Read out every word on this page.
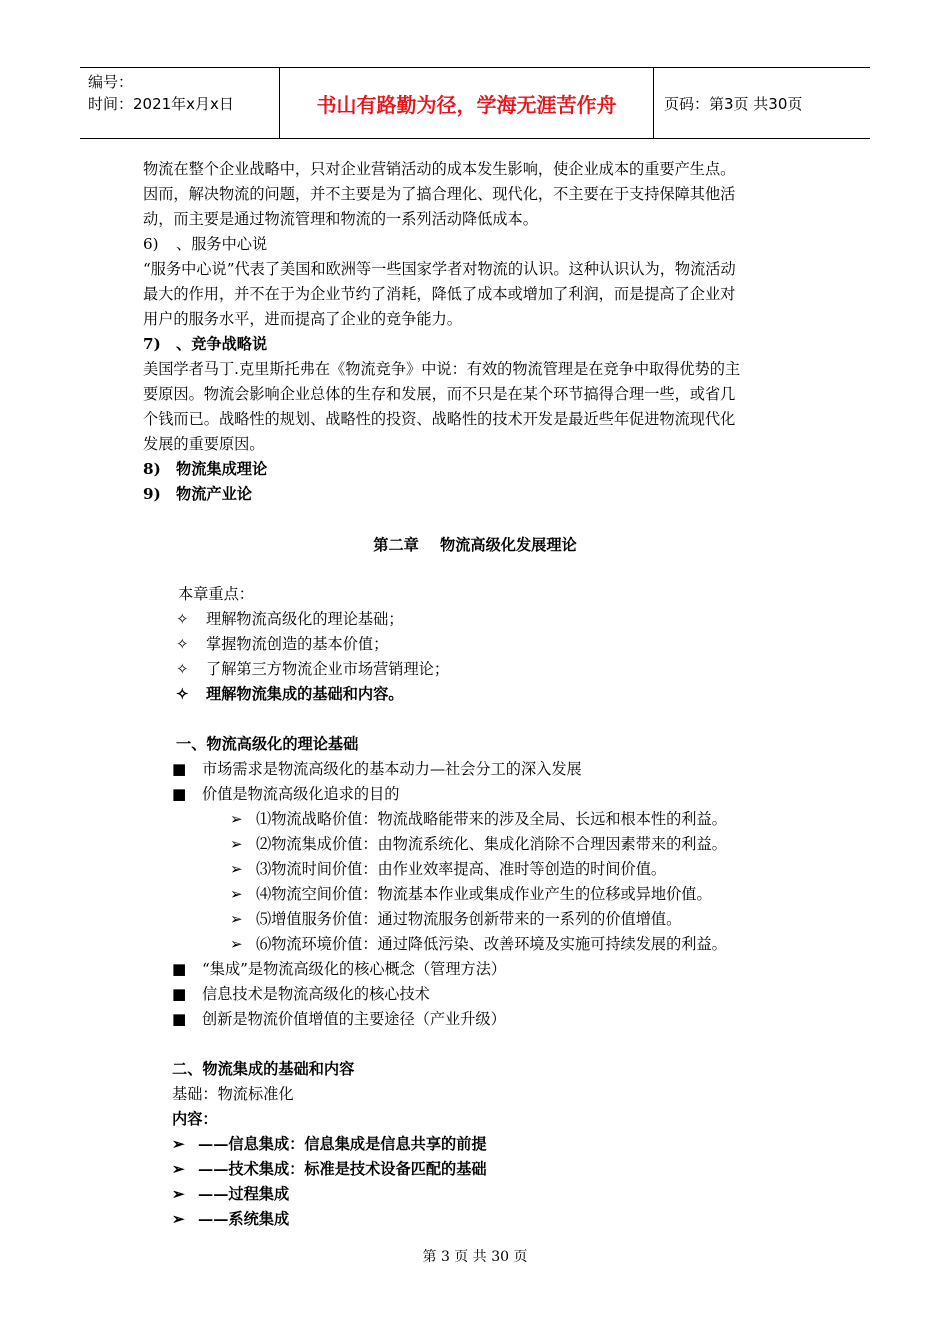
编号：
时间：2021年x月x日	书山有路勤为径，学海无涯苦作舟	页码：第3页 共30页
物流在整个企业战略中，只对企业营销活动的成本发生影响，使企业成本的重要产生点。
因而，解决物流的问题，并不主要是为了搞合理化、现代化，不主要在于支持保障其他活
动，而主要是通过物流管理和物流的一系列活动降低成本。
6) 、服务中心说
“服务中心说”代表了美国和欧洲等一些国家学者对物流的认识。这种认识认为，物流活动
最大的作用，并不在于为企业节约了消耗，降低了成本或增加了利润，而是提高了企业对
用户的服务水平，进而提高了企业的竞争能力。
7) 、竞争战略说
美国学者马丁.克里斯托弗在《物流竞争》中说：有效的物流管理是在竞争中取得优势的主
要原因。物流会影响企业总体的生存和发展，而不只是在某个环节搞得合理一些，或省几
个钱而已。战略性的规划、战略性的投资、战略性的技术开发是最近些年促进物流现代化
发展的重要原因。
8) 物流集成理论
9) 物流产业论
第二章    物流高级化发展理论
本章重点：
✧ 理解物流高级化的理论基础；
✧ 掌握物流创造的基本价值；
✧ 了解第三方物流企业市场营销理论；
✧ 理解物流集成的基础和内容。
一、物流高级化的理论基础
■ 市场需求是物流高级化的基本动力—社会分工的深入发展
■ 价值是物流高级化追求的目的
➢ ⑴物流战略价值：物流战略能带来的涉及全局、长远和根本性的利益。
➢ ⑵物流集成价值：由物流系统化、集成化消除不合理因素带来的利益。
➢ ⑶物流时间价值：由作业效率提高、准时等创造的时间价值。
➢ ⑷物流空间价值：物流基本作业或集成作业产生的位移或异地价值。
➢ ⑸增值服务价值：通过物流服务创新带来的一系列的价值增值。
➢ ⑹物流环境价值：通过降低污染、改善环境及实施可持续发展的利益。
■ “集成”是物流高级化的核心概念（管理方法）
■ 信息技术是物流高级化的核心技术
■ 创新是物流价值增值的主要途径（产业升级）
二、物流集成的基础和内容
基础：物流标准化
内容：
➢ ——信息集成：信息集成是信息共享的前提
➢ ——技术集成：标准是技术设备匹配的基础
➢ ——过程集成
➢ ——系统集成
第 3 页 共 30 页
